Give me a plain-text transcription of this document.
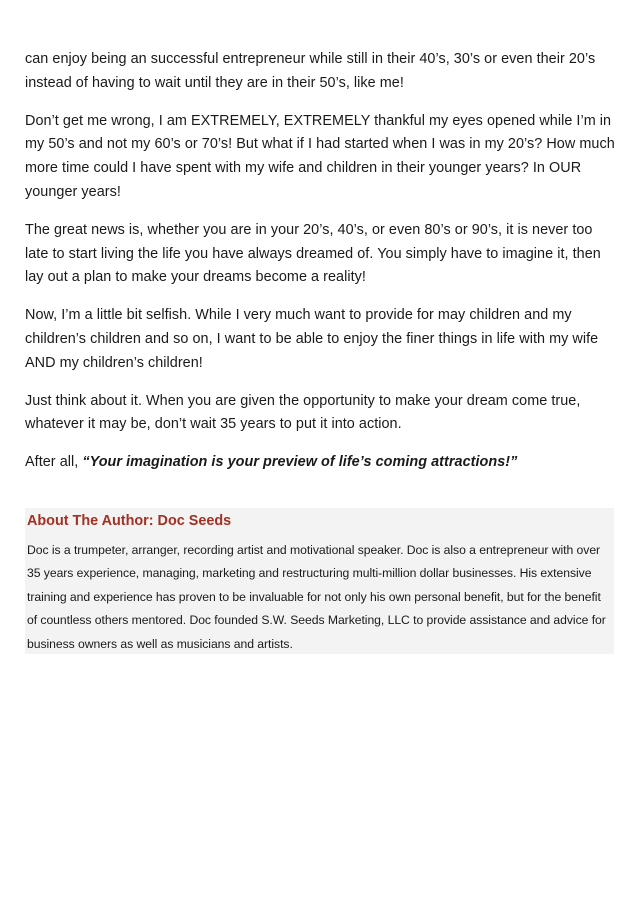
can enjoy being an successful entrepreneur while still in their 40’s, 30’s or even their 20’s instead of having to wait until they are in their 50’s, like me!

Don’t get me wrong, I am EXTREMELY, EXTREMELY thankful my eyes opened while I’m in my 50’s and not my 60’s or 70’s! But what if I had started when I was in my 20’s? How much more time could I have spent with my wife and children in their younger years? In OUR younger years!

The great news is, whether you are in your 20’s, 40’s, or even 80’s or 90’s, it is never too late to start living the life you have always dreamed of. You simply have to imagine it, then lay out a plan to make your dreams become a reality!

Now, I’m a little bit selfish. While I very much want to provide for may children and my children’s children and so on, I want to be able to enjoy the finer things in life with my wife AND my children’s children!

Just think about it. When you are given the opportunity to make your dream come true, whatever it may be, don’t wait 35 years to put it into action.

After all, “Your imagination is your preview of life’s coming attractions!”

About The Author: Doc Seeds

Doc is a trumpeter, arranger, recording artist and motivational speaker. Doc is also a entrepreneur with over 35 years experience, managing, marketing and restructuring multi-million dollar businesses. His extensive training and experience has proven to be invaluable for not only his own personal benefit, but for the benefit of countless others mentored. Doc founded S.W. Seeds Marketing, LLC to provide assistance and advice for business owners as well as musicians and artists.
